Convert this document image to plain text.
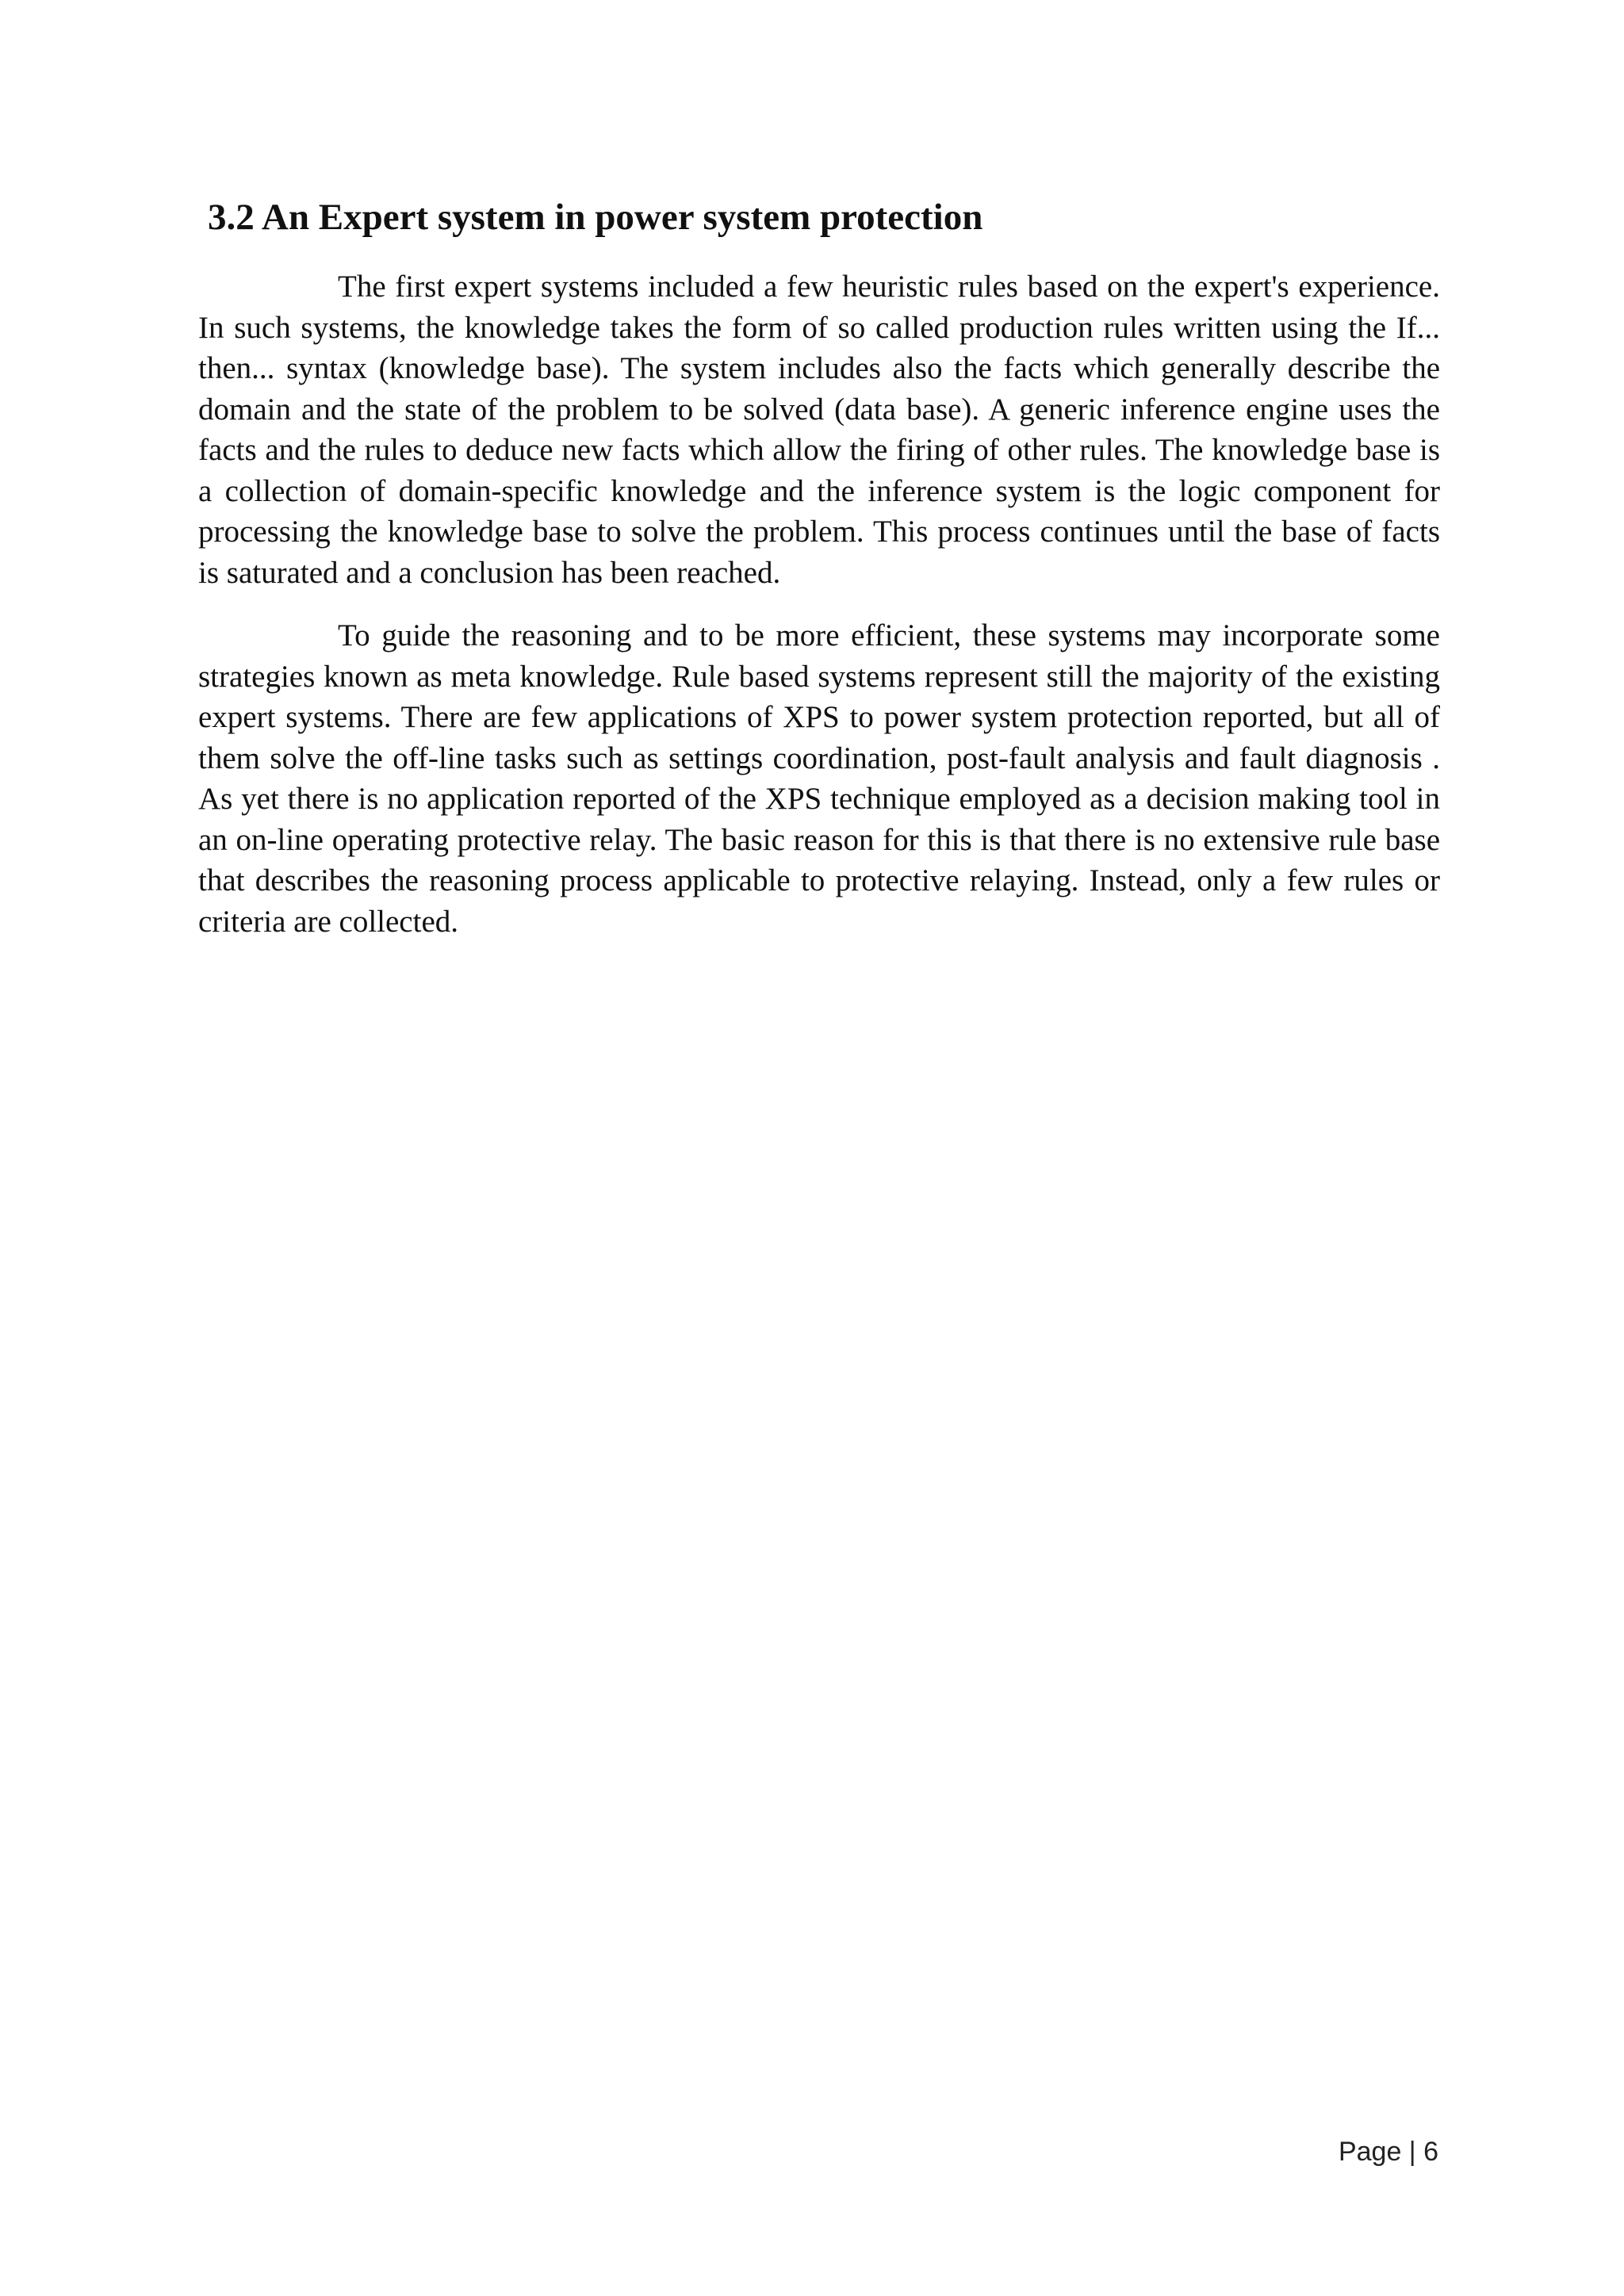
3.2 An Expert system in power system protection

The first expert systems included a few heuristic rules based on the expert's experience. In such systems, the knowledge takes the form of so called production rules written using the If... then... syntax (knowledge base). The system includes also the facts which generally describe the domain and the state of the problem to be solved (data base). A generic inference engine uses the facts and the rules to deduce new facts which allow the firing of other rules. The knowledge base is a collection of domain-specific knowledge and the inference system is the logic component for processing the knowledge base to solve the problem. This process continues until the base of facts is saturated and a conclusion has been reached.

To guide the reasoning and to be more efficient, these systems may incorporate some strategies known as meta knowledge. Rule based systems represent still the majority of the existing expert systems. There are few applications of XPS to power system protection reported, but all of them solve the off-line tasks such as settings coordination, post-fault analysis and fault diagnosis . As yet there is no application reported of the XPS technique employed as a decision making tool in an on-line operating protective relay. The basic reason for this is that there is no extensive rule base that describes the reasoning process applicable to protective relaying. Instead, only a few rules or criteria are collected.

Page | 6
